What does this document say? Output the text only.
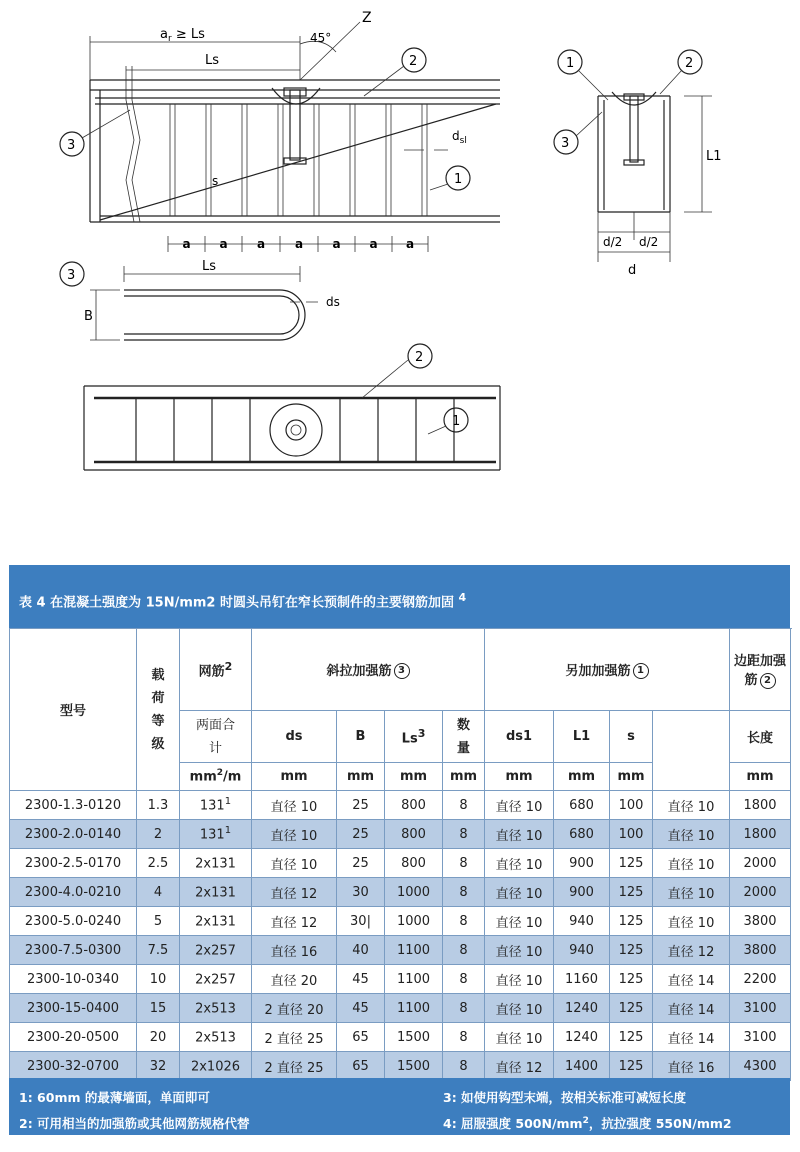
$a_r \ge Ls$
Ls
45°
Z
a a a a a a a
s
$d_{sl}$
2
1
3
L1
d/2 d/2
d
1	2
3
3
Ls
B
ds
2
1
表 4 在混凝土强度为 15N/mm2 时圆头吊钉在窄长预制件的主要钢筋加固 $^4$
型号	载荷等级	网筋$^2$	斜拉加强筋 3				另加加强筋 1				边距加强筋 2
		两面合计	ds	B	Ls$^3$	数量	ds1	L1	s		长度
		$mm^2/m$	mm	mm	mm	mm	mm	mm	mm		mm
2300-1.3-0120	1.3	$131^1$	直径 10	25	800	8	直径 10	680	100	直径 10	1800
2300-2.0-0140	2	$131^1$	直径 10	25	800	8	直径 10	680	100	直径 10	1800
2300-2.5-0170	2.5	2x131	直径 10	25	800	8	直径 10	900	125	直径 10	2000
2300-4.0-0210	4	2x131	直径 12	30	1000	8	直径 10	900	125	直径 10	2000
2300-5.0-0240	5	2x131	直径 12	30|	1000	8	直径 10	940	125	直径 10	3800
2300-7.5-0300	7.5	2x257	直径 16	40	1100	8	直径 10	940	125	直径 12	3800
2300-10-0340	10	2x257	直径 20	45	1100	8	直径 10	1160	125	直径 14	2200
2300-15-0400	15	2x513	2 直径 20	45	1100	8	直径 10	1240	125	直径 14	3100
2300-20-0500	20	2x513	2 直径 25	65	1500	8	直径 10	1240	125	直径 14	3100
2300-32-0700	32	2x1026	2 直径 25	65	1500	8	直径 12	1400	125	直径 16	4300
1: 60mm 的最薄墙面，单面即可
2: 可用相当的加强筋或其他网筋规格代替
3: 如使用钩型末端，按相关标准可减短长度
4: 屈服强度 $500N/mm^2$，抗拉强度 550N/mm2
